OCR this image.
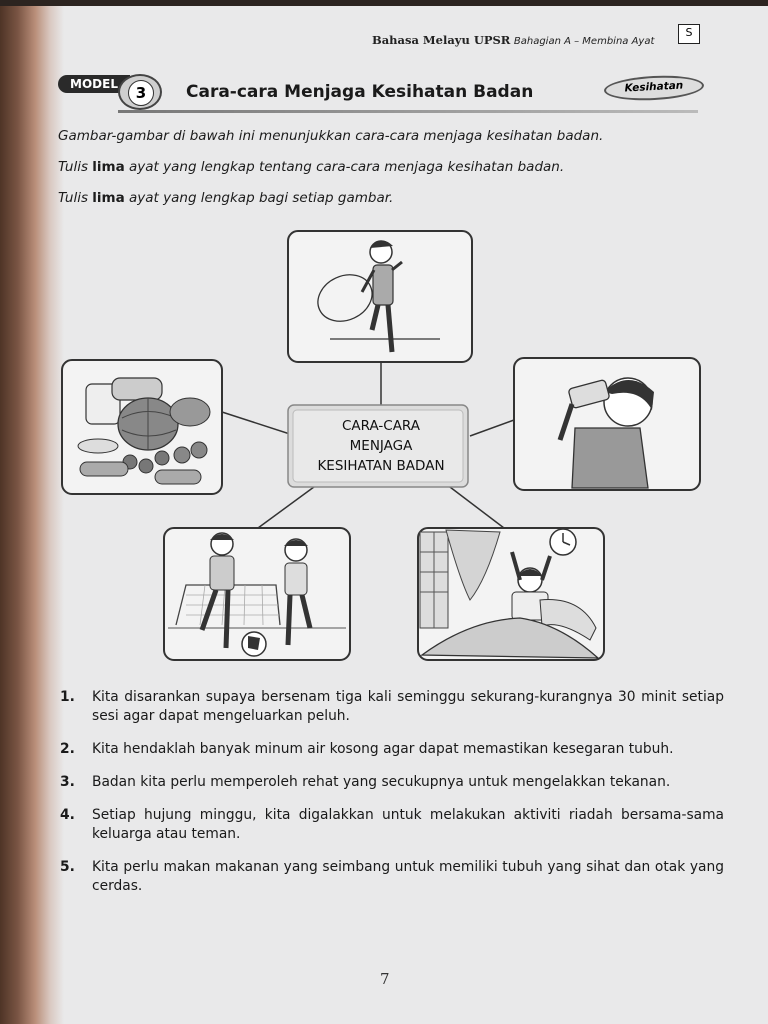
Bahasa Melayu UPSR Bahagian A – Membina Ayat
S
MODEL	3	Cara-cara Menjaga Kesihatan Badan	Kesihatan
Gambar-gambar di bawah ini menunjukkan cara-cara menjaga kesihatan badan.
Tulis lima ayat yang lengkap tentang cara-cara menjaga kesihatan badan.
Tulis lima ayat yang lengkap bagi setiap gambar.
CARA-CARA
MENJAGA
KESIHATAN BADAN
1. Kita disarankan supaya bersenam tiga kali seminggu sekurang-kurangnya 30 minit setiap sesi agar dapat mengeluarkan peluh.
2. Kita hendaklah banyak minum air kosong agar dapat memastikan kesegaran tubuh.
3. Badan kita perlu memperoleh rehat yang secukupnya untuk mengelakkan tekanan.
4. Setiap hujung minggu, kita digalakkan untuk melakukan aktiviti riadah bersama-sama keluarga atau teman.
5. Kita perlu makan makanan yang seimbang untuk memiliki tubuh yang sihat dan otak yang cerdas.
7
